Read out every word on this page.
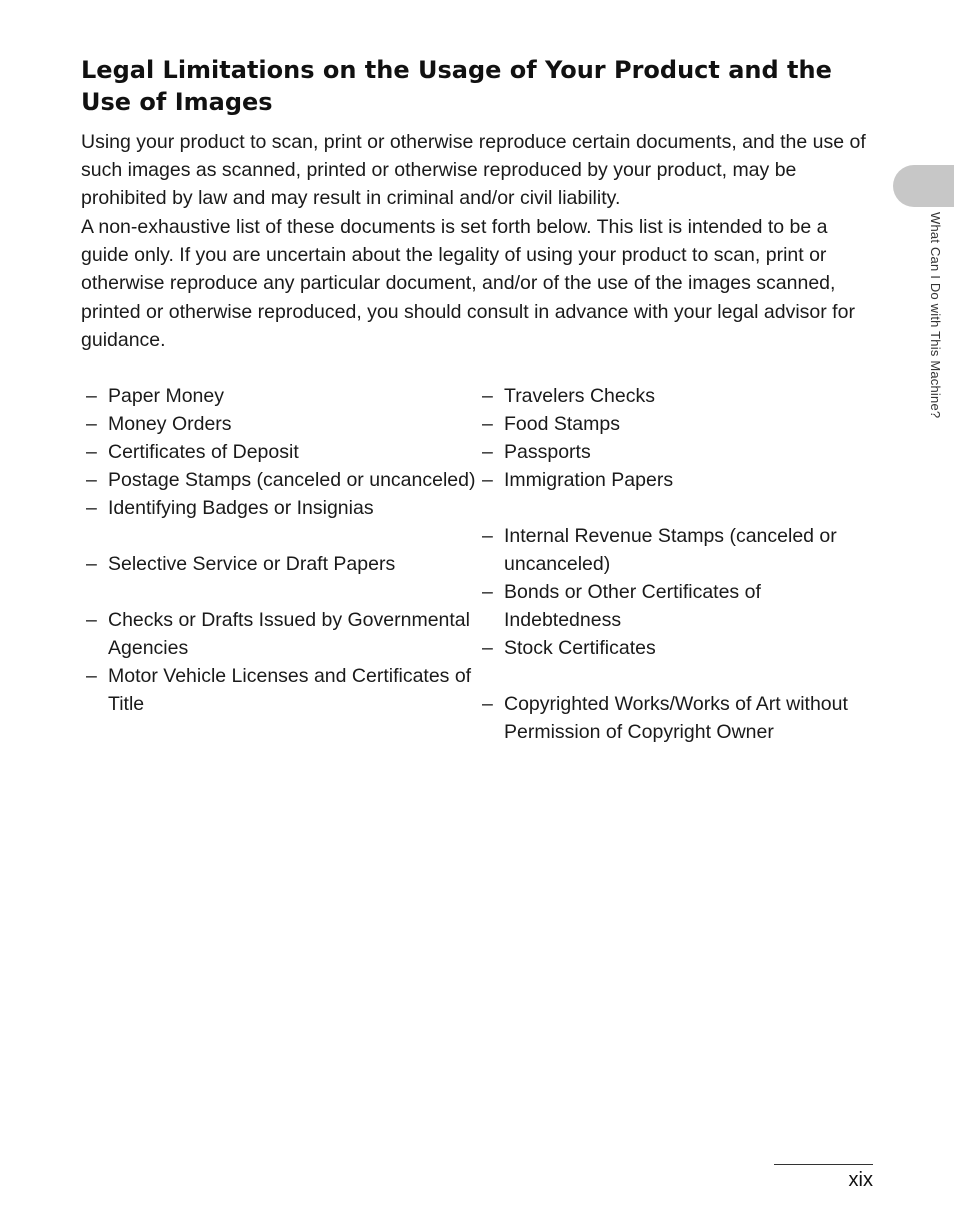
Legal Limitations on the Usage of Your Product and the Use of Images

Using your product to scan, print or otherwise reproduce certain documents, and the use of such images as scanned, printed or otherwise reproduced by your product, may be prohibited by law and may result in criminal and/or civil liability.

A non-exhaustive list of these documents is set forth below. This list is intended to be a guide only. If you are uncertain about the legality of using your product to scan, print or otherwise reproduce any particular document, and/or of the use of the images scanned, printed or otherwise reproduced, you should consult in advance with your legal advisor for guidance.

– Paper Money
– Money Orders
– Certificates of Deposit
– Postage Stamps (canceled or uncanceled)
– Identifying Badges or Insignias
– Selective Service or Draft Papers
– Checks or Drafts Issued by Governmental Agencies
– Motor Vehicle Licenses and Certificates of Title
– Travelers Checks
– Food Stamps
– Passports
– Immigration Papers
– Internal Revenue Stamps (canceled or uncanceled)
– Bonds or Other Certificates of Indebtedness
– Stock Certificates
– Copyrighted Works/Works of Art without Permission of Copyright Owner
What Can I Do with This Machine?
xix
